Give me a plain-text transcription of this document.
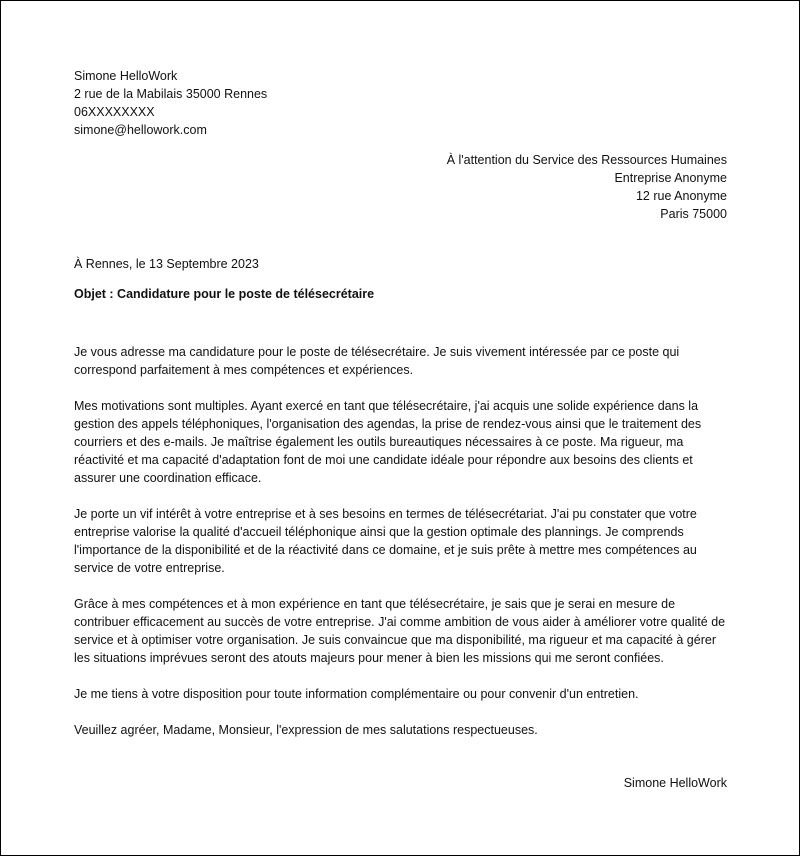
Simone HelloWork
2 rue de la Mabilais 35000 Rennes
06XXXXXXXX
simone@hellowork.com
À l'attention du Service des Ressources Humaines
Entreprise Anonyme
12 rue Anonyme
Paris 75000
À Rennes, le 13 Septembre 2023
Objet : Candidature pour le poste de télésecrétaire

Je vous adresse ma candidature pour le poste de télésecrétaire. Je suis vivement intéressée par ce poste qui correspond parfaitement à mes compétences et expériences.

Mes motivations sont multiples. Ayant exercé en tant que télésecrétaire, j'ai acquis une solide expérience dans la gestion des appels téléphoniques, l'organisation des agendas, la prise de rendez-vous ainsi que le traitement des courriers et des e-mails. Je maîtrise également les outils bureautiques nécessaires à ce poste. Ma rigueur, ma réactivité et ma capacité d'adaptation font de moi une candidate idéale pour répondre aux besoins des clients et assurer une coordination efficace.

Je porte un vif intérêt à votre entreprise et à ses besoins en termes de télésecrétariat. J'ai pu constater que votre entreprise valorise la qualité d'accueil téléphonique ainsi que la gestion optimale des plannings. Je comprends l'importance de la disponibilité et de la réactivité dans ce domaine, et je suis prête à mettre mes compétences au service de votre entreprise.

Grâce à mes compétences et à mon expérience en tant que télésecrétaire, je sais que je serai en mesure de contribuer efficacement au succès de votre entreprise. J'ai comme ambition de vous aider à améliorer votre qualité de service et à optimiser votre organisation. Je suis convaincue que ma disponibilité, ma rigueur et ma capacité à gérer les situations imprévues seront des atouts majeurs pour mener à bien les missions qui me seront confiées.

Je me tiens à votre disposition pour toute information complémentaire ou pour convenir d'un entretien.

Veuillez agréer, Madame, Monsieur, l'expression de mes salutations respectueuses.

Simone HelloWork
